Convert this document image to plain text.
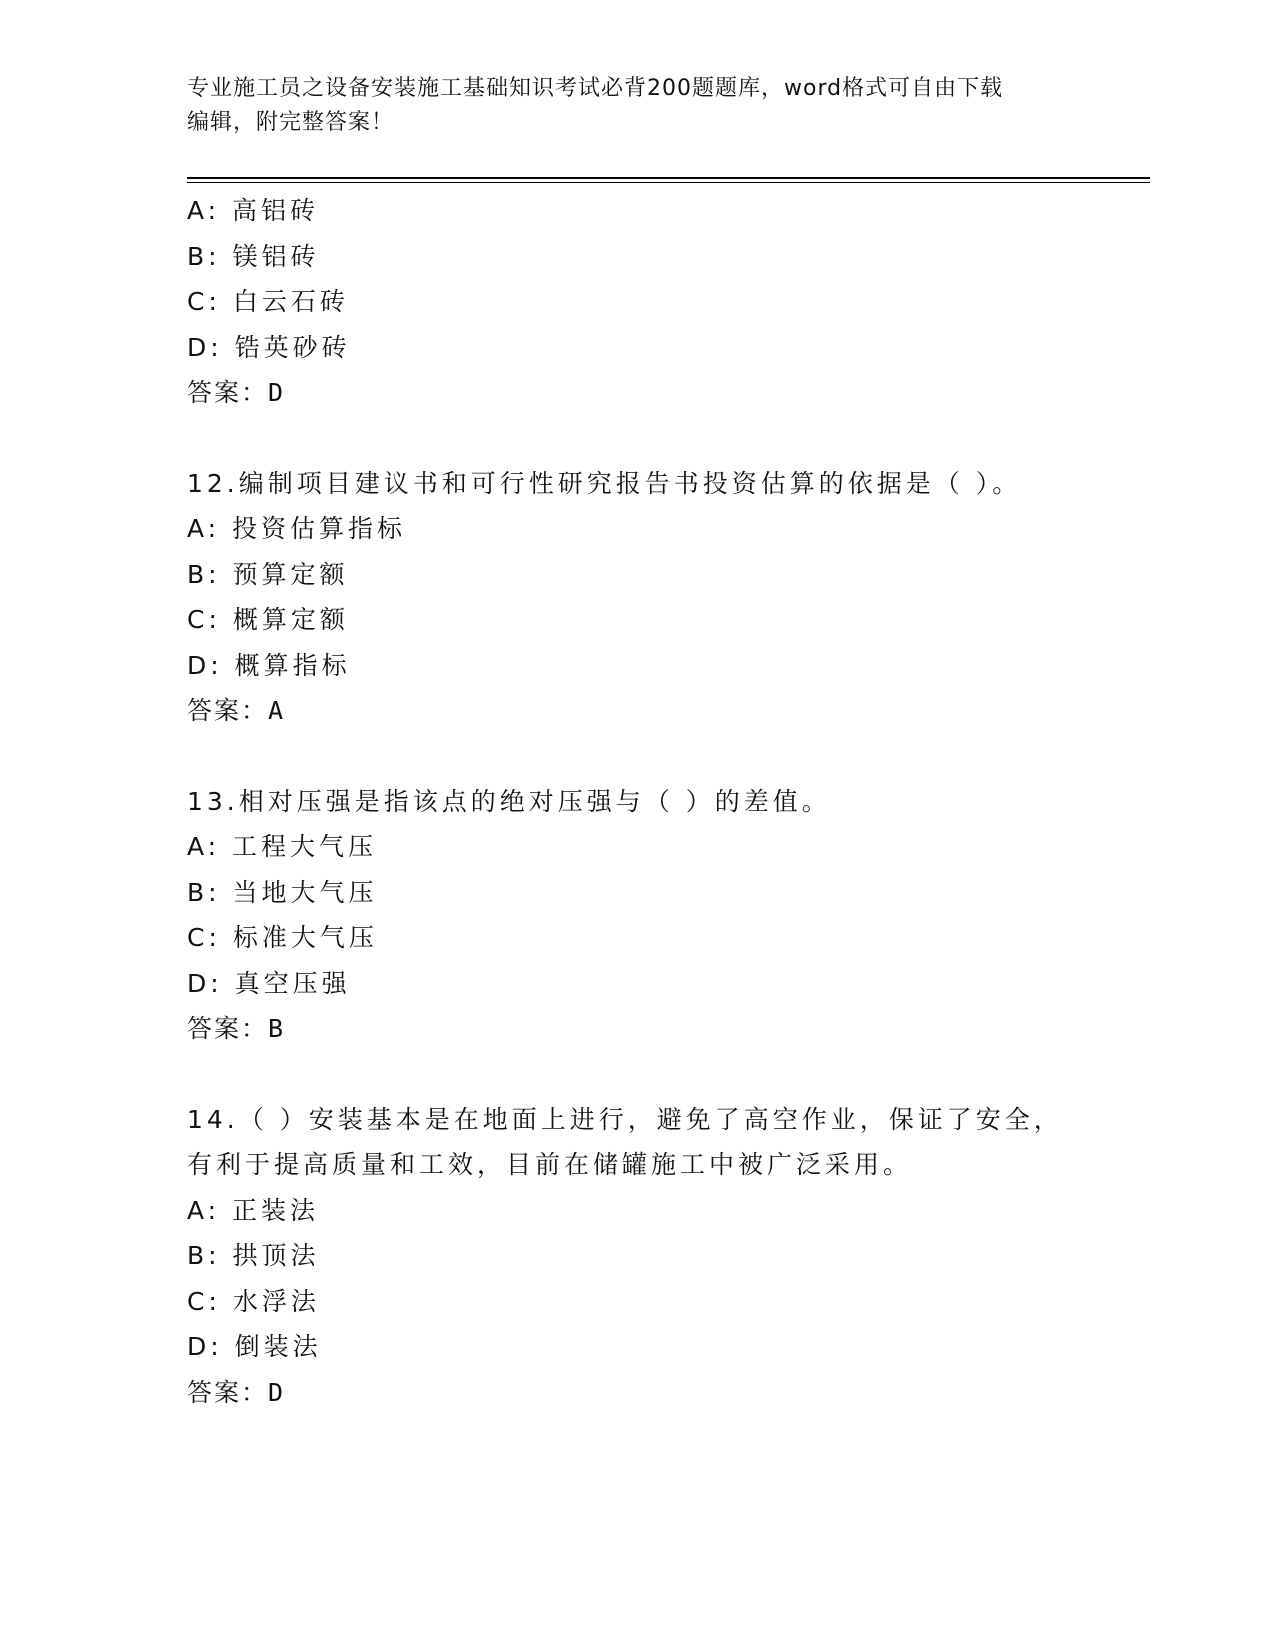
专业施工员之设备安装施工基础知识考试必背200题题库，word格式可自由下载
编辑，附完整答案！
A: 高铝砖
B: 镁铝砖
C: 白云石砖
D: 锆英砂砖
答案：D
12.编制项目建议书和可行性研究报告书投资估算的依据是（ ）。
A: 投资估算指标
B: 预算定额
C: 概算定额
D: 概算指标
答案：A
13.相对压强是指该点的绝对压强与（ ）的差值。
A: 工程大气压
B: 当地大气压
C: 标准大气压
D: 真空压强
答案：B
14.（ ）安装基本是在地面上进行，避免了高空作业，保证了安全，
有利于提高质量和工效，目前在储罐施工中被广泛采用。
A: 正装法
B: 拱顶法
C: 水浮法
D: 倒装法
答案：D
